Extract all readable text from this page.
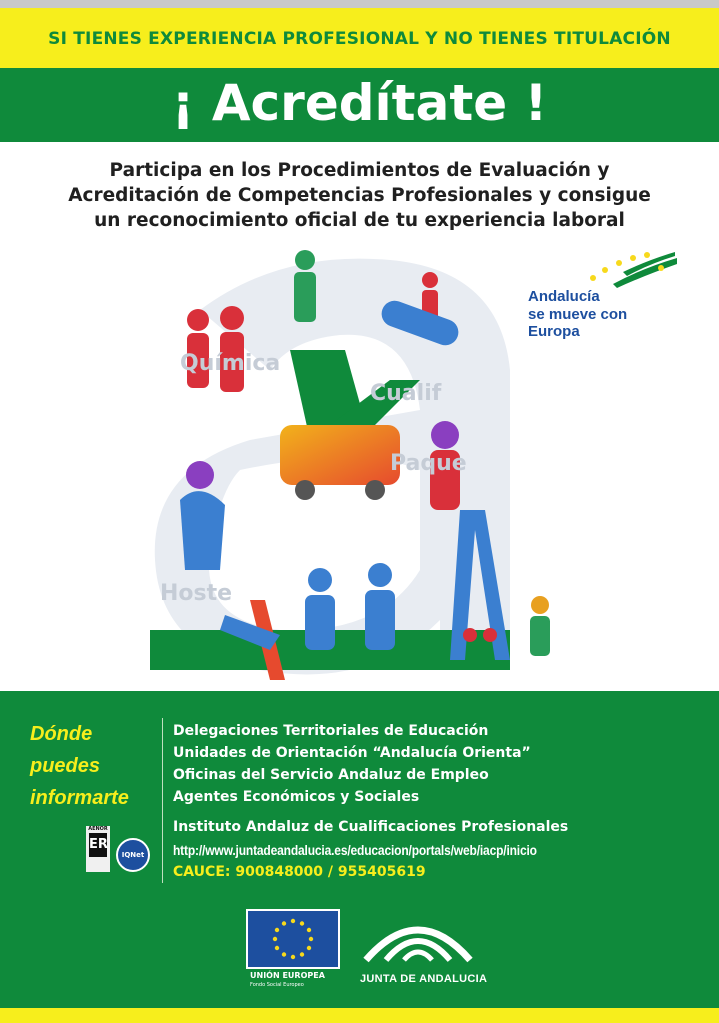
SI TIENES EXPERIENCIA PROFESIONAL Y NO TIENES TITULACIÓN
¡ Acredítate !
Participa en los Procedimientos de Evaluación y
Acreditación de Competencias Profesionales y consigue
un reconocimiento oficial de tu experiencia laboral
Química
Cualif
Paque
Hoste
Andalucía
se mueve con Europa
Dónde
puedes
informarte
Delegaciones Territoriales de Educación
Unidades de Orientación “Andalucía Orienta”
Oficinas del Servicio Andaluz de Empleo
Agentes Económicos y Sociales
Instituto Andaluz de Cualificaciones Profesionales
http://www.juntadeandalucia.es/educacion/portals/web/iacp/inicio
CAUCE: 900848000 / 955405619
AENOR
ER
IQNet
UNIÓN EUROPEA
Fondo Social Europeo	JUNTA DE ANDALUCIA
